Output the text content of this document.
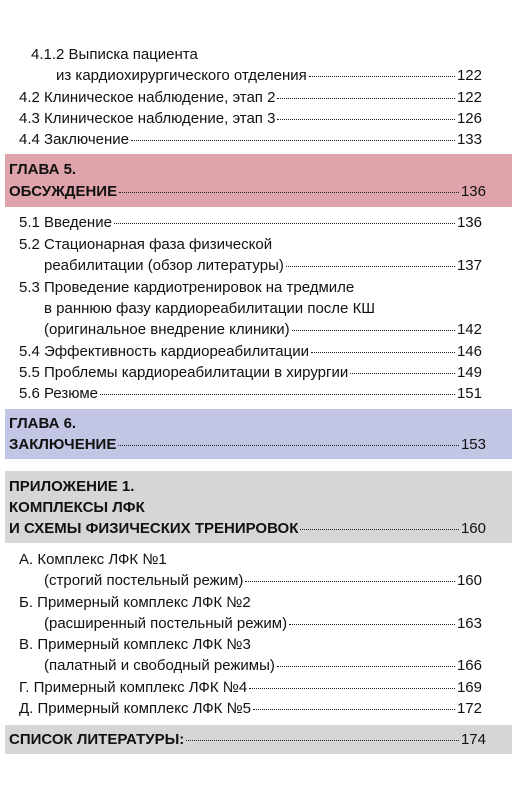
4.1.2 Выписка пациента
из кардиохирургического отделения	122
4.2 Клиническое наблюдение, этап 2	122
4.3 Клиническое наблюдение, этап 3	126
4.4 Заключение	133
ГЛАВА 5.
ОБСУЖДЕНИЕ	136
5.1 Введение	136
5.2 Стационарная фаза физической
реабилитации (обзор литературы)	137
5.3 Проведение кардиотренировок на тредмиле
в раннюю фазу кардиореабилитации после КШ
(оригинальное внедрение клиники)	142
5.4 Эффективность кардиореабилитации	146
5.5 Проблемы кардиореабилитации в хирургии	149
5.6 Резюме	151
ГЛАВА 6.
ЗАКЛЮЧЕНИЕ	153
ПРИЛОЖЕНИЕ 1.
КОМПЛЕКСЫ ЛФК
И СХЕМЫ ФИЗИЧЕСКИХ ТРЕНИРОВОК	160
А. Комплекс ЛФК №1
(строгий постельный режим)	160
Б. Примерный комплекс ЛФК №2
(расширенный постельный режим)	163
В. Примерный комплекс ЛФК №3
(палатный и свободный режимы)	166
Г. Примерный комплекс ЛФК №4	169
Д. Примерный комплекс ЛФК №5	172
СПИСОК ЛИТЕРАТУРЫ:	174
